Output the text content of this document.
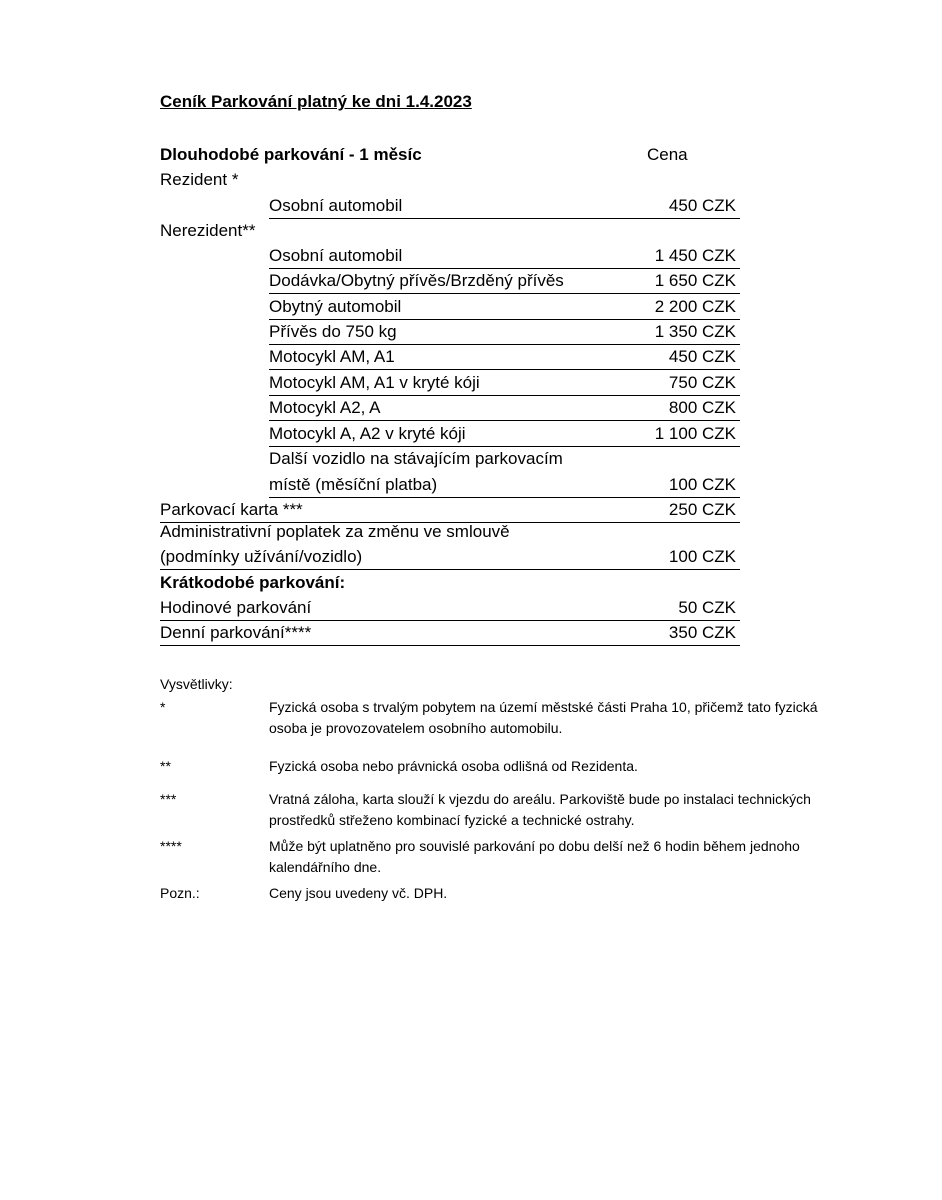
Ceník Parkování platný ke dni 1.4.2023
Dlouhodobé parkování - 1 měsíc	Cena
Rezident *
Osobní automobil	450 CZK
Nerezident**
Osobní automobil	1 450 CZK
Dodávka/Obytný přívěs/Brzděný přívěs	1 650 CZK
Obytný automobil	2 200 CZK
Přívěs do 750 kg	1 350 CZK
Motocykl AM, A1	450 CZK
Motocykl AM, A1 v kryté kóji	750 CZK
Motocykl A2, A	800 CZK
Motocykl A, A2 v kryté kóji	1 100 CZK
Další vozidlo na stávajícím parkovacím
místě (měsíční platba)	100 CZK
Parkovací karta ***	250 CZK
Administrativní poplatek za změnu ve smlouvě
(podmínky užívání/vozidlo)	100 CZK
Krátkodobé parkování:
Hodinové parkování	50 CZK
Denní parkování****	350 CZK
Vysvětlivky:
*	Fyzická osoba s trvalým pobytem na území městské části Praha 10, přičemž tato fyzická osoba je provozovatelem osobního automobilu.
**	Fyzická osoba nebo právnická osoba odlišná od Rezidenta.
***	Vratná záloha, karta slouží k vjezdu do areálu. Parkoviště bude po instalaci technických prostředků střeženo kombinací fyzické a technické ostrahy.
****	Může být uplatněno pro souvislé parkování po dobu delší než 6 hodin během jednoho kalendářního dne.
Pozn.:	Ceny jsou uvedeny vč. DPH.
